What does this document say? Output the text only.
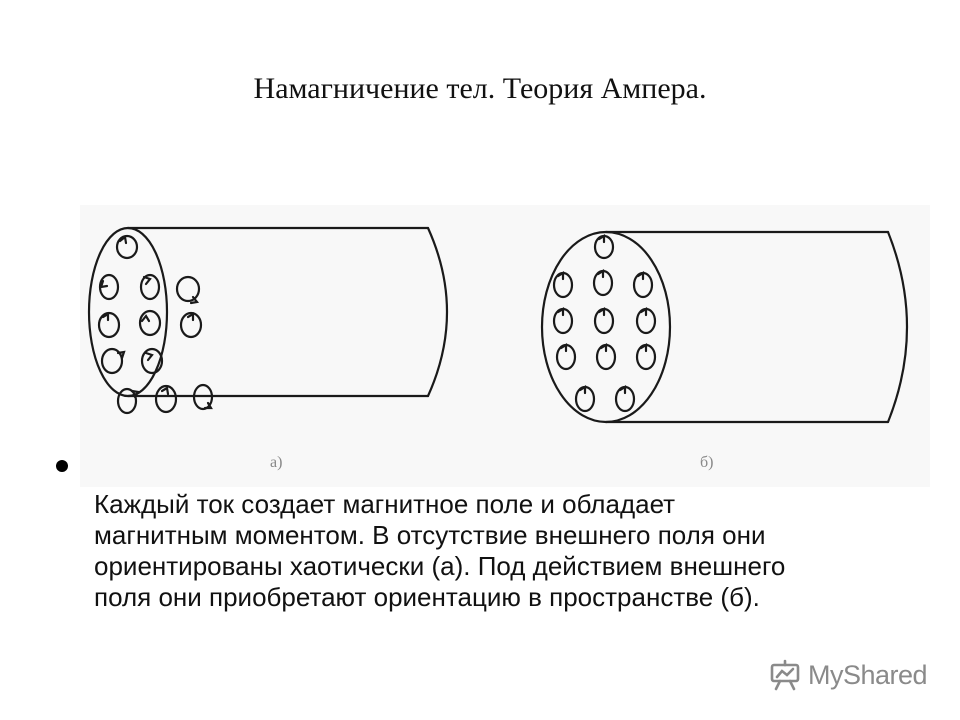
Намагничение тел. Теория Ампера.
а)	б)
Каждый ток создает магнитное поле и обладает
магнитным моментом. В отсутствие внешнего поля они
ориентированы хаотически (а). Под действием внешнего
поля они приобретают ориентацию в пространстве (б).
MyShared
